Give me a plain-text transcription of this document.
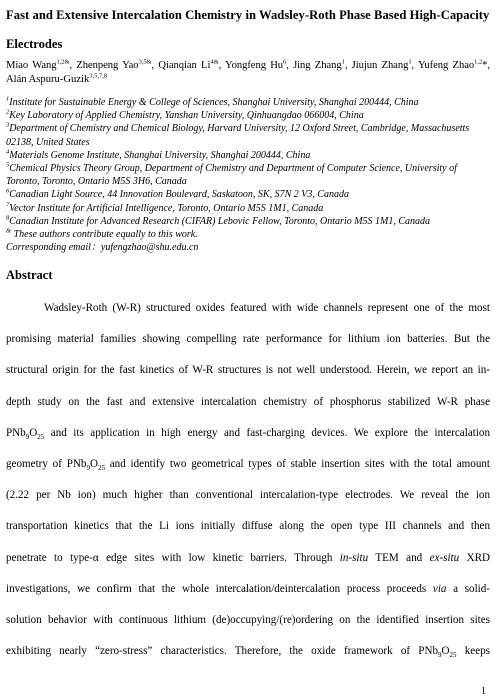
Fast and Extensive Intercalation Chemistry in Wadsley-Roth Phase Based High-Capacity
Electrodes
Miao Wang$^{1,2\&}$, Zhenpeng Yao$^{3,5\&}$, Qianqian $Li^{4\&}$, Yongfeng Hu$^6$, Jing Zhang$^1$, Jiujun Zhang$^1$, Yufeng Zhao$^{1,2}$*,
Alán Aspuru-Guzik$^{3,5,7,8}$
$^1$Institute for Sustainable Energy & College of Sciences, Shanghai University, Shanghai 200444, China
$^2$Key Laboratory of Applied Chemistry, Yanshan University, Qinhuangdao 066004, China
$^3$Department of Chemistry and Chemical Biology, Harvard University, 12 Oxford Street, Cambridge, Massachusetts
02138, United States
$^4$Materials Genome Institute, Shanghai University, Shanghai 200444, China
$^5$Chemical Physics Theory Group, Department of Chemistry and Department of Computer Science, University of
Toronto, Toronto, Ontario M5S 3H6, Canada
$^6$Canadian Light Source, 44 Innovation Boulevard, Saskatoon, SK, S7N 2 V3, Canada
$^7$Vector Institute for Artificial Intelligence, Toronto, Ontario M5S 1M1, Canada
$^8$Canadian Institute for Advanced Research (CIFAR) Lebovic Fellow, Toronto, Ontario M5S 1M1, Canada
& These authors contribute equally to this work.
Corresponding email：yufengzhao@shu.edu.cn
Abstract
Wadsley-Roth (W-R) structured oxides featured with wide channels represent one of the most
promising material families showing compelling rate performance for lithium ion batteries. But the
structural origin for the fast kinetics of W-R structures is not well understood. Herein, we report an in-
depth study on the fast and extensive intercalation chemistry of phosphorus stabilized W-R phase
$PNb_9O_{25}$ and its application in high energy and fast-charging devices. We explore the intercalation
geometry of $PNb_9O_{25}$ and identify two geometrical types of stable insertion sites with the total amount
(2.22 per Nb ion) much higher than conventional intercalation-type electrodes. We reveal the ion
transportation kinetics that the Li ions initially diffuse along the open type III channels and then
penetrate to type-α edge sites with low kinetic barriers. Through in-situ TEM and ex-situ XRD
investigations, we confirm that the whole intercalation/deintercalation process proceeds via a solid-
solution behavior with continuous lithium (de)occupying/(re)ordering on the identified insertion sites
exhibiting nearly “zero-stress” characteristics. Therefore, the oxide framework of $PNb_9O_{25}$ keeps
1
